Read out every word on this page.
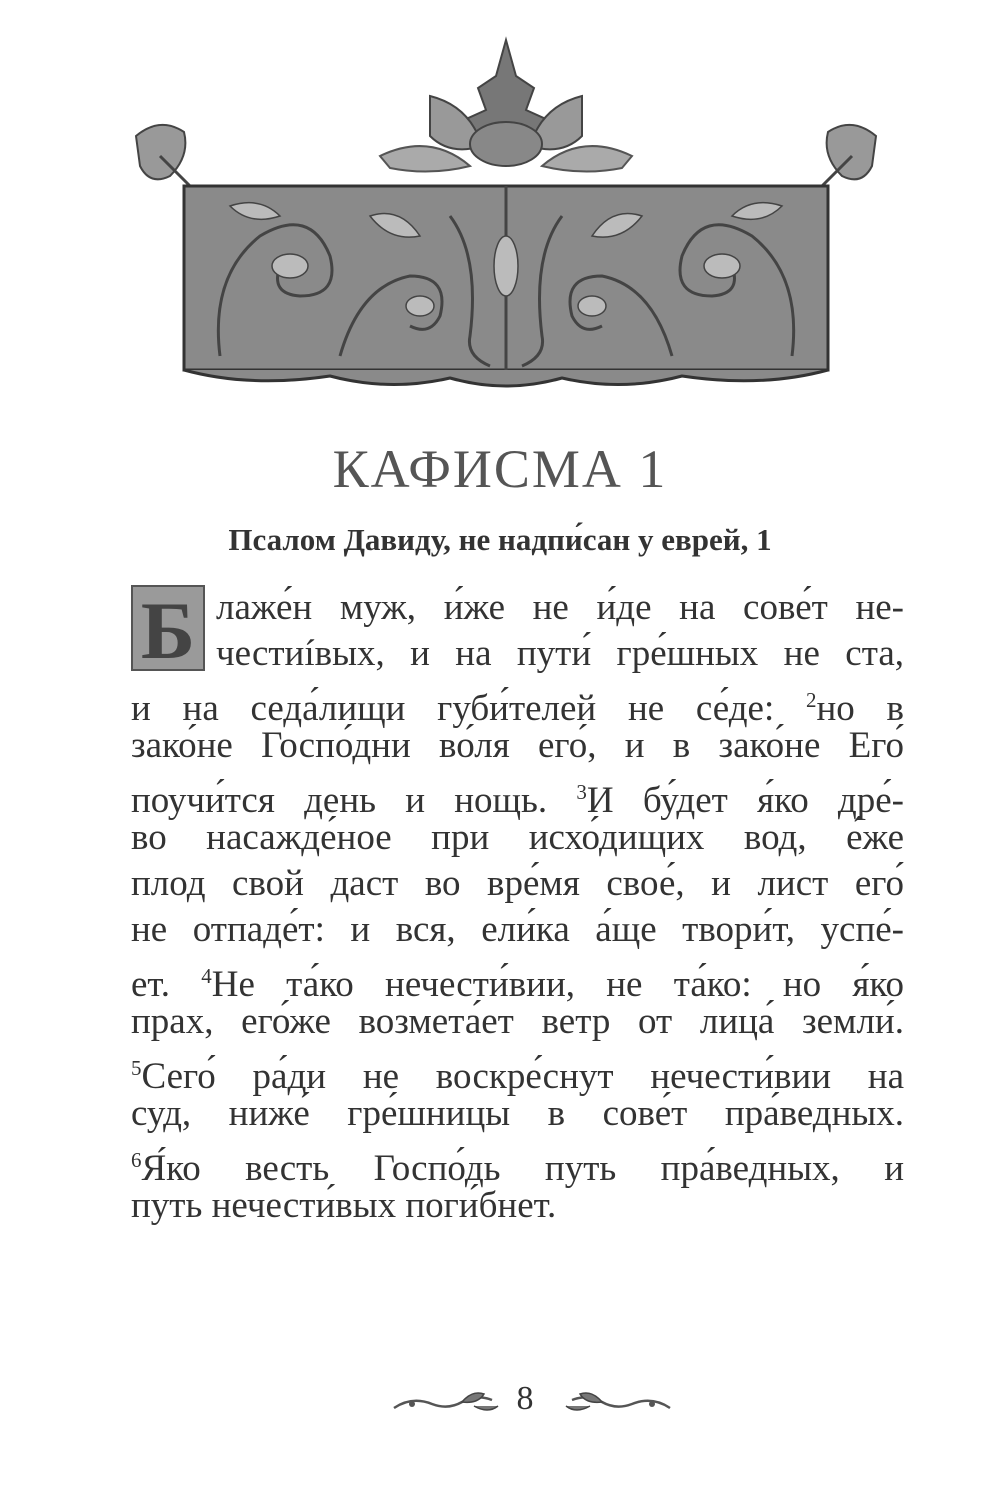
КАФИСМА 1
Псалом Давиду, не надпи́сан у еврей, 1
Б лаже́н муж, и́же не и́де на сове́т не-
честиíвых, и на пути́ гре́шных не ста,
и на седа́лищи губи́телей не се́де: $^2$но в
зако́не Госпо́дни во́ля его́, и в зако́не Его́
поучи́тся день и нощь. $^3$И бу́дет я́ко дре́-
во насажде́ное при исхо́дищих вод, е́же
плод свой даст во вре́мя свое́, и лист его́
не отпаде́т: и вся, ели́ка а́ще твори́т, успе́-
ет. $^4$Не та́ко нечести́вии, не та́ко: но я́ко
прах, его́же возмета́ет ветр от лица́ земли́.
$^5$Сего́ ра́ди не воскре́снут нечести́вии на
суд, ниже́ гре́шницы в сове́т пра́ведных.
$^6$Я́ко весть Госпо́дь путь пра́ведных, и
путь нечести́вых поги́бнет.
8
